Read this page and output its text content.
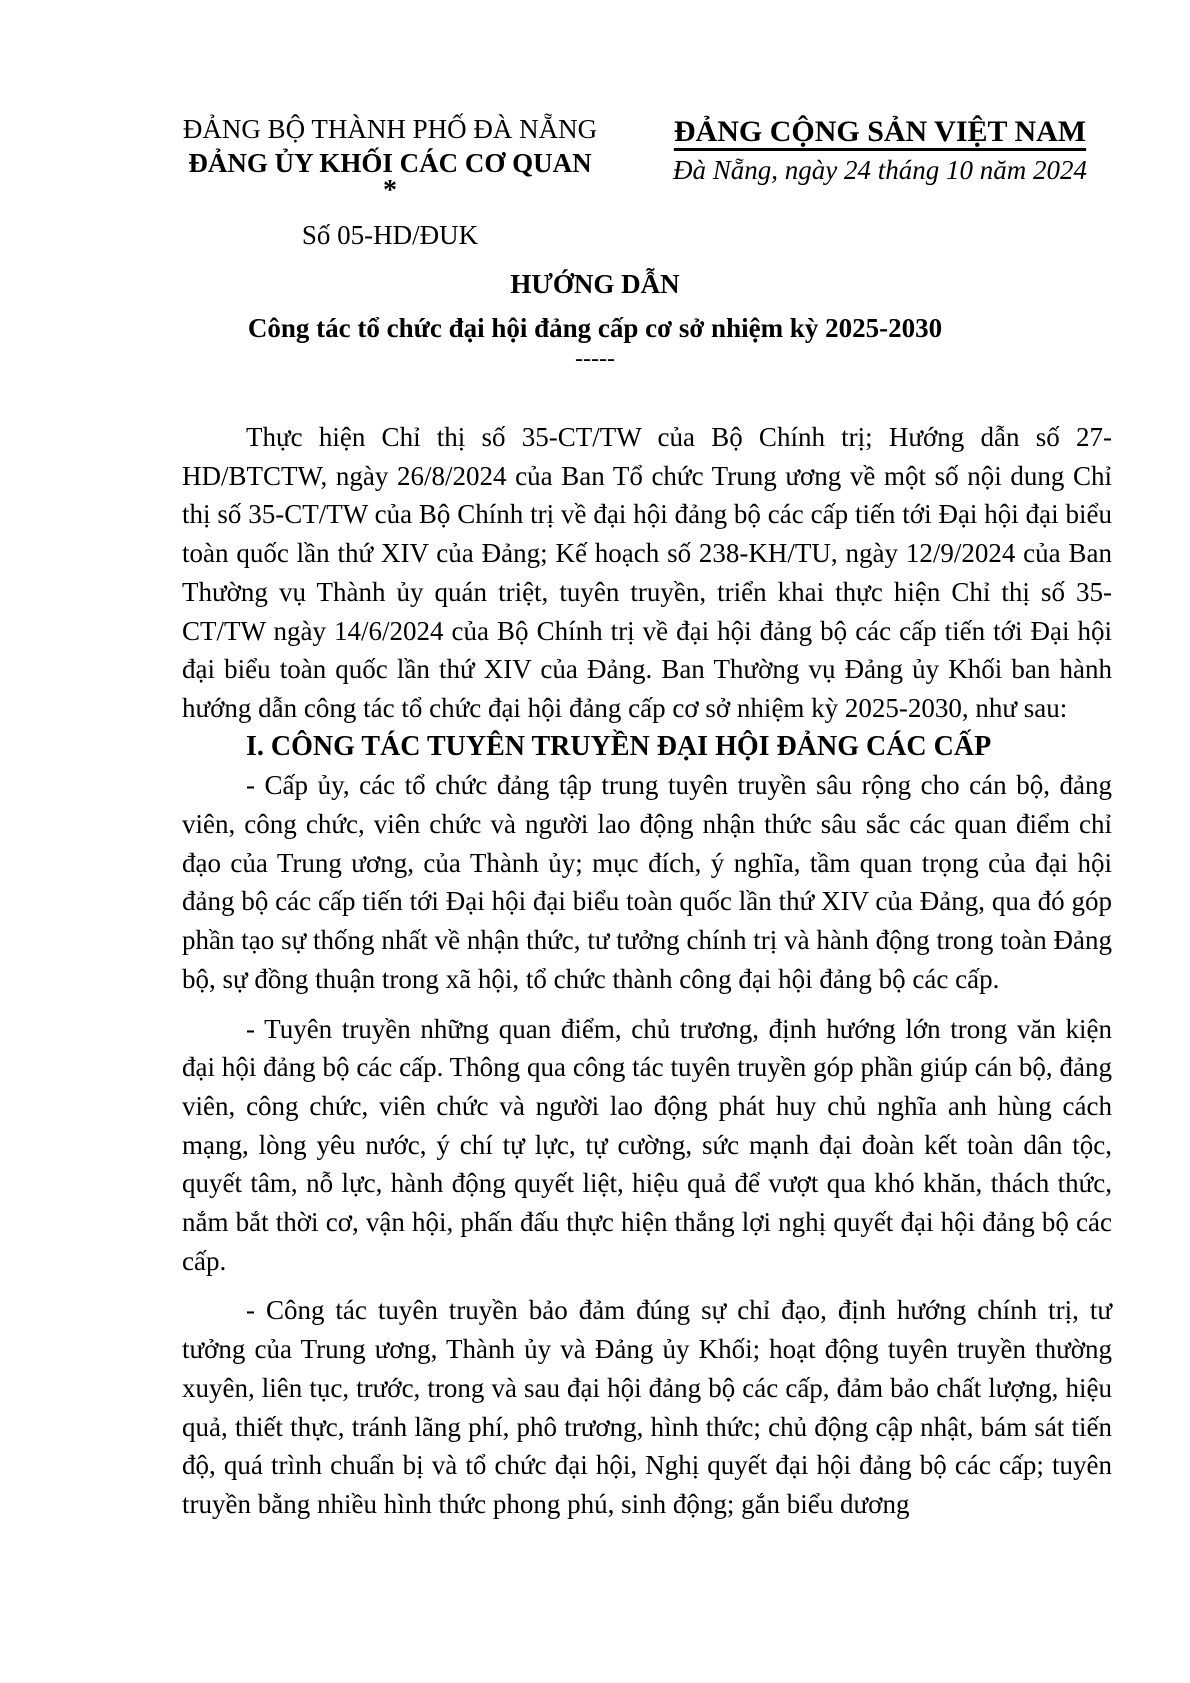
ĐẢNG BỘ THÀNH PHỐ ĐÀ NẴNG
ĐẢNG ỦY KHỐI CÁC CƠ QUAN
*
Số 05-HD/ĐUK
ĐẢNG CỘNG SẢN VIỆT NAM
Đà Nẵng, ngày 24 tháng 10 năm 2024
HƯỚNG DẪN
Công tác tổ chức đại hội đảng cấp cơ sở nhiệm kỳ 2025-2030
-----

Thực hiện Chỉ thị số 35-CT/TW của Bộ Chính trị; Hướng dẫn số 27-HD/BTCTW, ngày 26/8/2024 của Ban Tổ chức Trung ương về một số nội dung Chỉ thị số 35-CT/TW của Bộ Chính trị về đại hội đảng bộ các cấp tiến tới Đại hội đại biểu toàn quốc lần thứ XIV của Đảng; Kế hoạch số 238-KH/TU, ngày 12/9/2024 của Ban Thường vụ Thành ủy quán triệt, tuyên truyền, triển khai thực hiện Chỉ thị số 35-CT/TW ngày 14/6/2024 của Bộ Chính trị về đại hội đảng bộ các cấp tiến tới Đại hội đại biểu toàn quốc lần thứ XIV của Đảng. Ban Thường vụ Đảng ủy Khối ban hành hướng dẫn công tác tổ chức đại hội đảng cấp cơ sở nhiệm kỳ 2025-2030, như sau:

I. CÔNG TÁC TUYÊN TRUYỀN ĐẠI HỘI ĐẢNG CÁC CẤP

- Cấp ủy, các tổ chức đảng tập trung tuyên truyền sâu rộng cho cán bộ, đảng viên, công chức, viên chức và người lao động nhận thức sâu sắc các quan điểm chỉ đạo của Trung ương, của Thành ủy; mục đích, ý nghĩa, tầm quan trọng của đại hội đảng bộ các cấp tiến tới Đại hội đại biểu toàn quốc lần thứ XIV của Đảng, qua đó góp phần tạo sự thống nhất về nhận thức, tư tưởng chính trị và hành động trong toàn Đảng bộ, sự đồng thuận trong xã hội, tổ chức thành công đại hội đảng bộ các cấp.

- Tuyên truyền những quan điểm, chủ trương, định hướng lớn trong văn kiện đại hội đảng bộ các cấp. Thông qua công tác tuyên truyền góp phần giúp cán bộ, đảng viên, công chức, viên chức và người lao động phát huy chủ nghĩa anh hùng cách mạng, lòng yêu nước, ý chí tự lực, tự cường, sức mạnh đại đoàn kết toàn dân tộc, quyết tâm, nỗ lực, hành động quyết liệt, hiệu quả để vượt qua khó khăn, thách thức, nắm bắt thời cơ, vận hội, phấn đấu thực hiện thắng lợi nghị quyết đại hội đảng bộ các cấp.

- Công tác tuyên truyền bảo đảm đúng sự chỉ đạo, định hướng chính trị, tư tưởng của Trung ương, Thành ủy và Đảng ủy Khối; hoạt động tuyên truyền thường xuyên, liên tục, trước, trong và sau đại hội đảng bộ các cấp, đảm bảo chất lượng, hiệu quả, thiết thực, tránh lãng phí, phô trương, hình thức; chủ động cập nhật, bám sát tiến độ, quá trình chuẩn bị và tổ chức đại hội, Nghị quyết đại hội đảng bộ các cấp; tuyên truyền bằng nhiều hình thức phong phú, sinh động; gắn biểu dương
